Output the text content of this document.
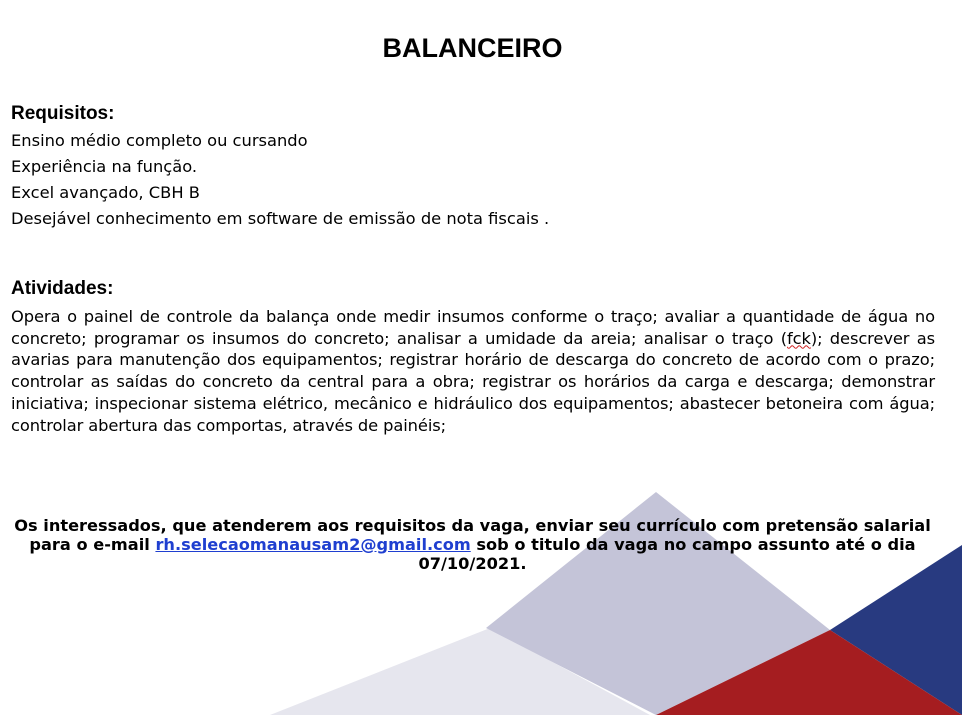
BALANCEIRO
Requisitos:
Ensino médio completo ou cursando
Experiência na função.
Excel avançado, CBH B
Desejável conhecimento em software de emissão de nota fiscais .
Atividades:
Opera o painel de controle da balança onde medir insumos conforme o traço; avaliar a quantidade de água no concreto; programar os insumos do concreto; analisar a umidade da areia; analisar o traço (fck); descrever as avarias para manutenção dos equipamentos; registrar horário de descarga do concreto de acordo com o prazo; controlar as saídas do concreto da central para a obra; registrar os horários da carga e descarga; demonstrar iniciativa; inspecionar sistema elétrico, mecânico e hidráulico dos equipamentos; abastecer betoneira com água; controlar abertura das comportas, através de painéis;
Os interessados, que atenderem aos requisitos da vaga, enviar seu currículo com pretensão salarial para o e-mail rh.selecaomanausam2@gmail.com sob o titulo da vaga no campo assunto até o dia 07/10/2021.
